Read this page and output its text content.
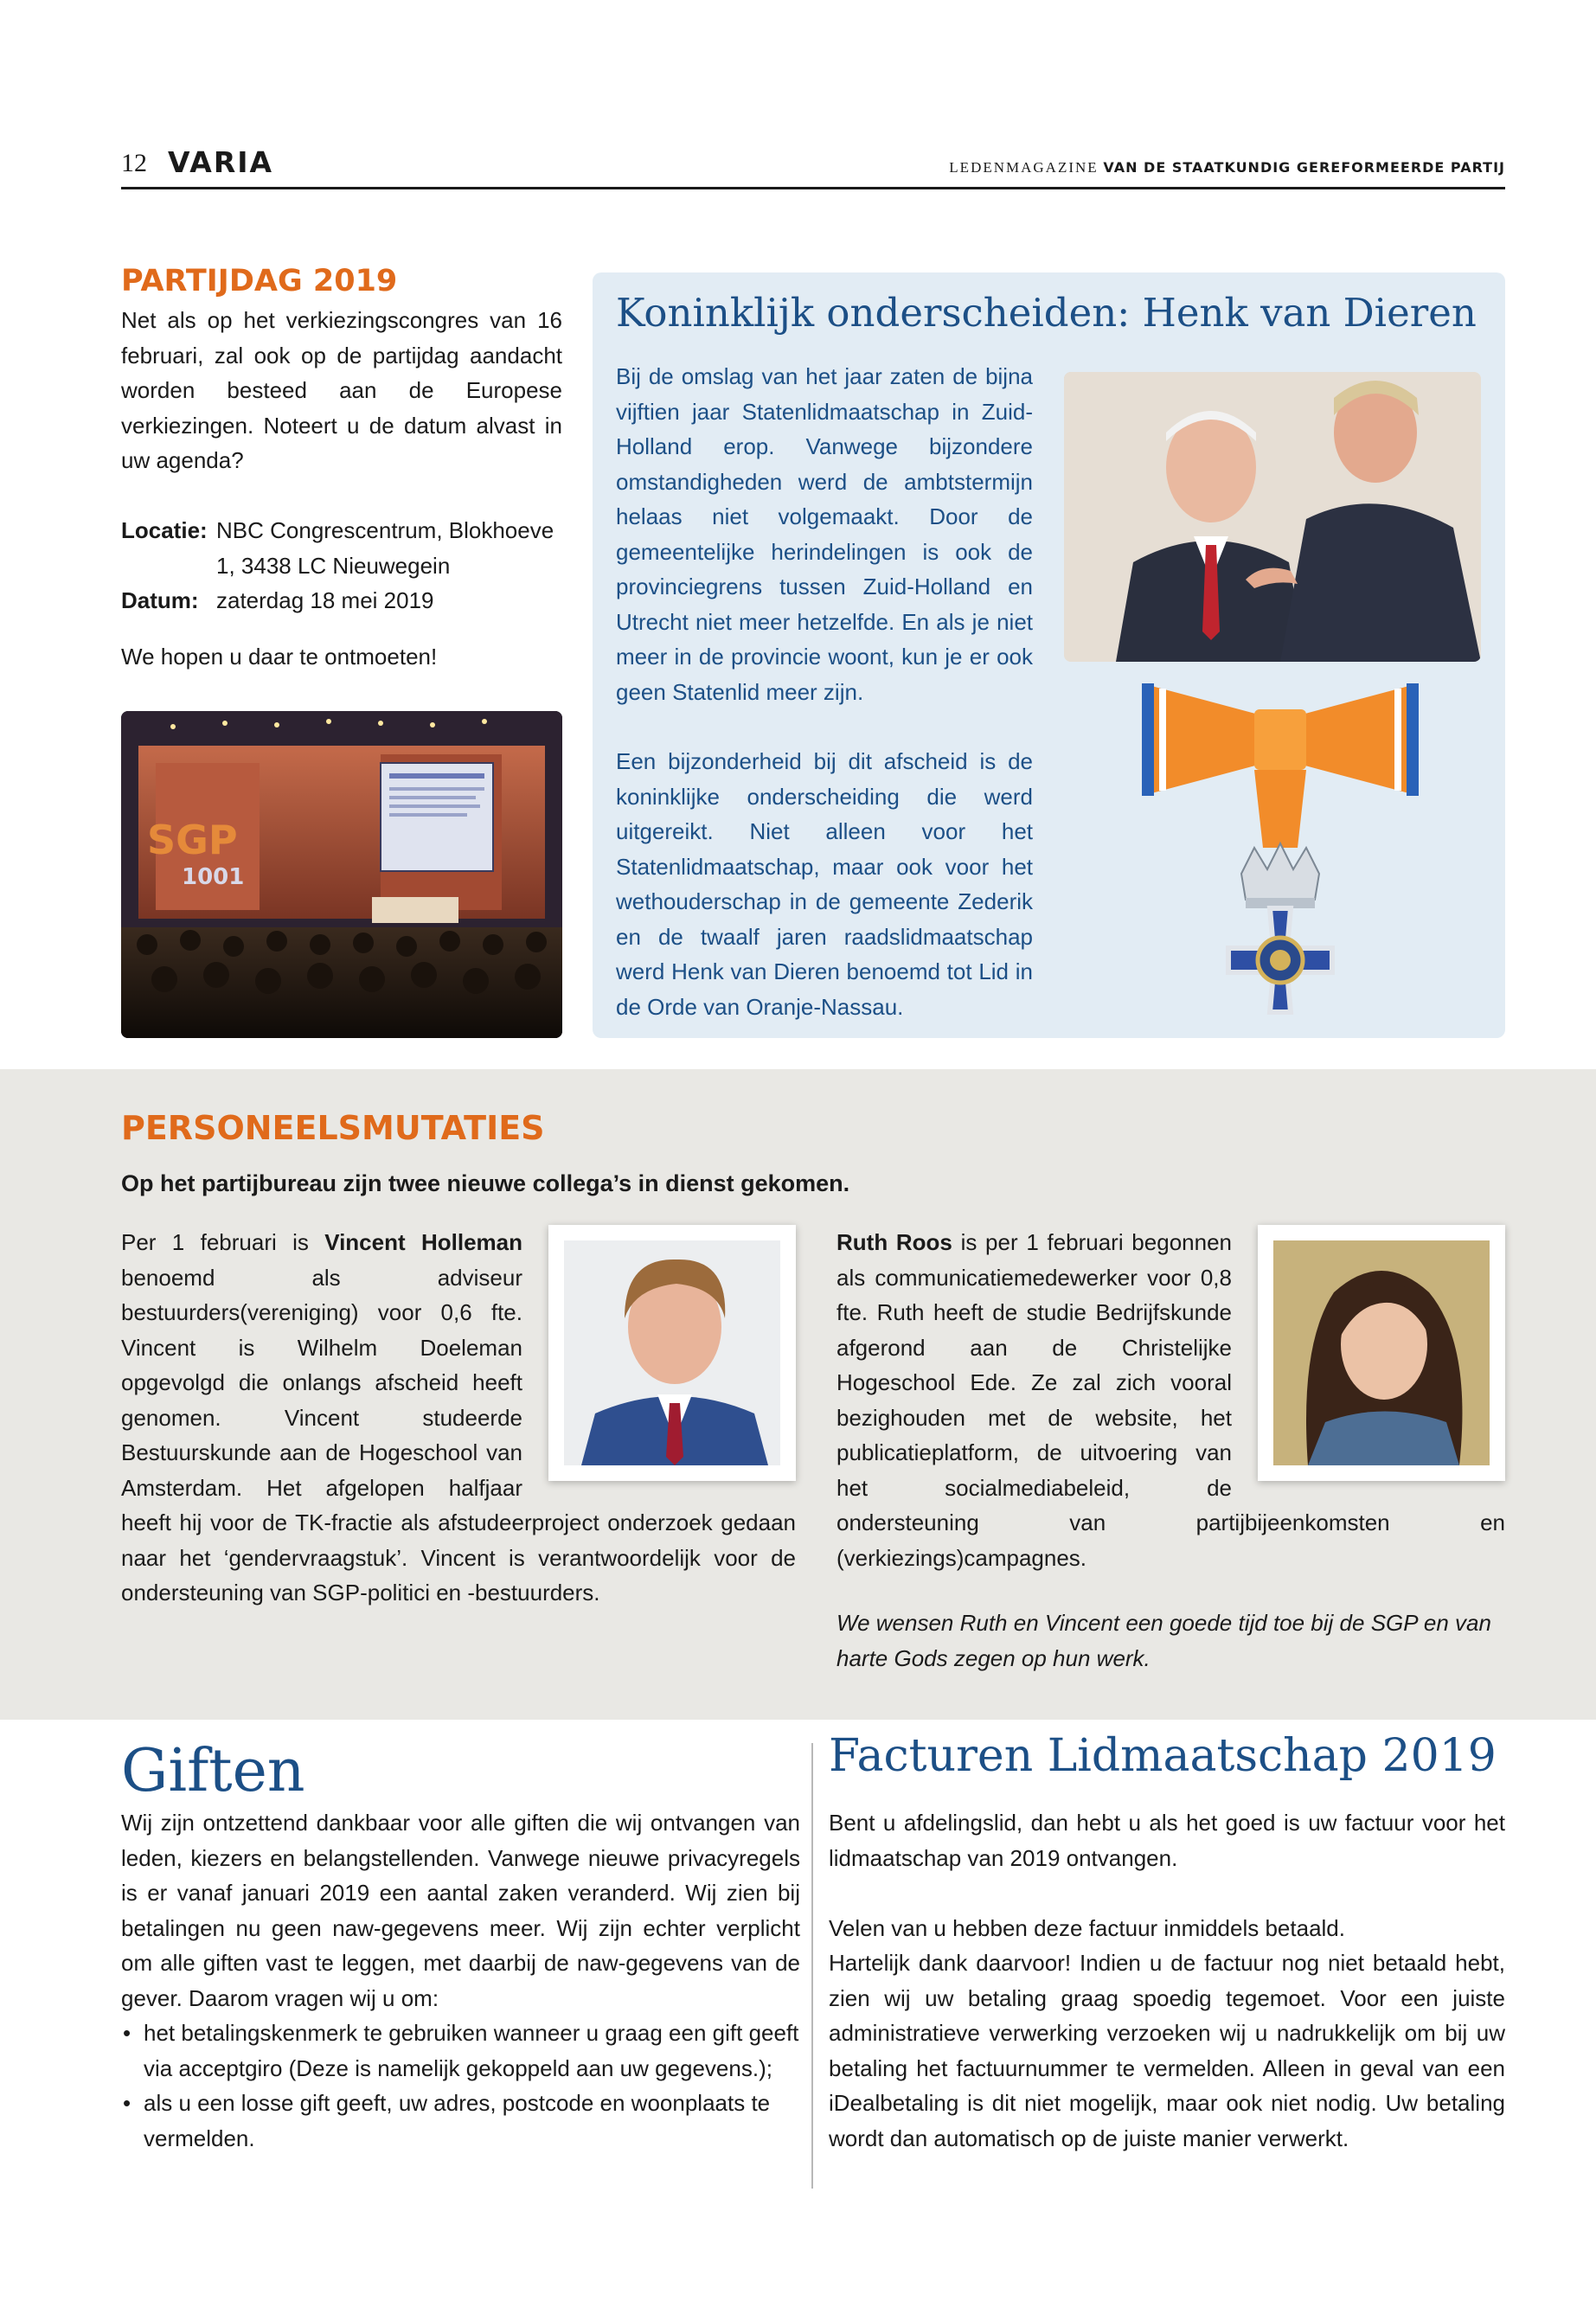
12 VARIA	LEDENMAGAZINE VAN DE STAATKUNDIG GEREFORMEERDE PARTIJ
PARTIJDAG 2019
Net als op het verkiezingscongres van 16 februari, zal ook op de partijdag aandacht worden besteed aan de Europese verkiezingen. Noteert u de datum alvast in uw agenda?
Locatie: NBC Congrescentrum, Blokhoeve 1, 3438 LC Nieuwegein
Datum: zaterdag 18 mei 2019
We hopen u daar te ontmoeten!
SGP
1001
Koninklijk onderscheiden: Henk van Dieren
Bij de omslag van het jaar zaten de bijna vijftien jaar Statenlidmaatschap in Zuid-Holland erop. Vanwege bijzondere omstandigheden werd de ambtstermijn helaas niet volgemaakt. Door de gemeentelijke herindelingen is ook de provinciegrens tussen Zuid-Holland en Utrecht niet meer hetzelfde. En als je niet meer in de provincie woont, kun je er ook geen Statenlid meer zijn.
Een bijzonderheid bij dit afscheid is de koninklijke onderscheiding die werd uitgereikt. Niet alleen voor het Statenlidmaatschap, maar ook voor het wethouderschap in de gemeente Zederik en de twaalf jaren raadslidmaatschap werd Henk van Dieren benoemd tot Lid in de Orde van Oranje-Nassau.
PERSONEELSMUTATIES
Op het partijbureau zijn twee nieuwe collega’s in dienst gekomen.
Per 1 februari is Vincent Holleman benoemd als adviseur bestuurders(vereniging) voor 0,6 fte. Vincent is Wilhelm Doeleman opgevolgd die onlangs afscheid heeft genomen. Vincent studeerde Bestuurskunde aan de Hogeschool van Amsterdam. Het afgelopen halfjaar heeft hij voor de TK-fractie als afstudeerproject onderzoek gedaan naar het ‘gendervraagstuk’. Vincent is verantwoordelijk voor de ondersteuning van SGP-politici en -bestuurders.
Ruth Roos is per 1 februari begonnen als communicatiemedewerker voor 0,8 fte. Ruth heeft de studie Bedrijfskunde afgerond aan de Christelijke Hogeschool Ede. Ze zal zich vooral bezighouden met de website, het publicatieplatform, de uitvoering van het socialmediabeleid, de ondersteuning van partijbijeenkomsten en (verkiezings)campagnes.
We wensen Ruth en Vincent een goede tijd toe bij de SGP en van harte Gods zegen op hun werk.
Giften
Wij zijn ontzettend dankbaar voor alle giften die wij ontvangen van leden, kiezers en belangstellenden. Vanwege nieuwe privacyregels is er vanaf januari 2019 een aantal zaken veranderd. Wij zien bij betalingen nu geen naw-gegevens meer. Wij zijn echter verplicht om alle giften vast te leggen, met daarbij de naw-gegevens van de gever. Daarom vragen wij u om:
• het betalingskenmerk te gebruiken wanneer u graag een gift geeft via acceptgiro (Deze is namelijk gekoppeld aan uw gegevens.);
• als u een losse gift geeft, uw adres, postcode en woonplaats te vermelden.
Facturen Lidmaatschap 2019
Bent u afdelingslid, dan hebt u als het goed is uw factuur voor het lidmaatschap van 2019 ontvangen.
Velen van u hebben deze factuur inmiddels betaald.
Hartelijk dank daarvoor! Indien u de factuur nog niet betaald hebt, zien wij uw betaling graag spoedig tegemoet. Voor een juiste administratieve verwerking verzoeken wij u nadrukkelijk om bij uw betaling het factuurnummer te vermelden. Alleen in geval van een iDealbetaling is dit niet mogelijk, maar ook niet nodig. Uw betaling wordt dan automatisch op de juiste manier verwerkt.
